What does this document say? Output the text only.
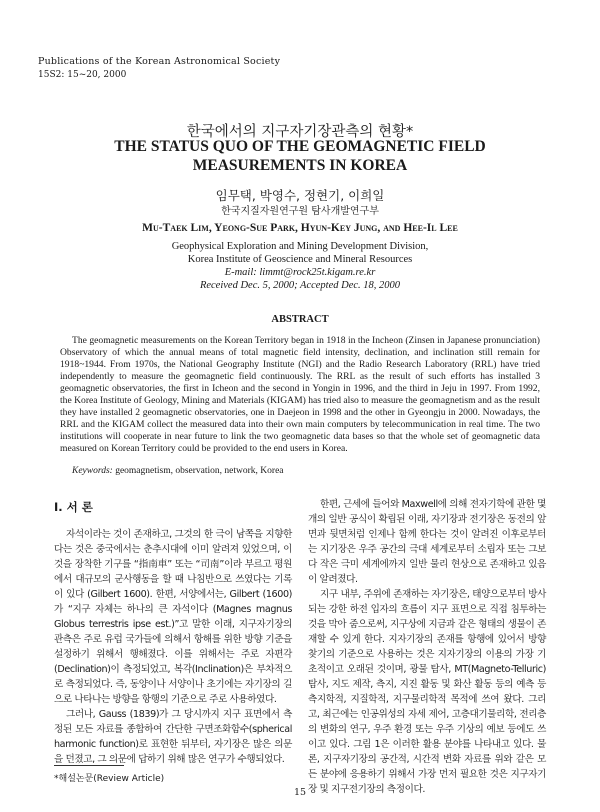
Publications of the Korean Astronomical Society
15S2: 15~20, 2000
한국에서의 지구자기장관측의 현황*
THE STATUS QUO OF THE GEOMAGNETIC FIELD
MEASUREMENTS IN KOREA
임무택, 박영수, 정현기, 이희일
한국지질자원연구원 탐사개발연구부
Mu-Taek Lim, Yeong-Sue Park, Hyun-Key Jung, and Hee-Il Lee
Geophysical Exploration and Mining Development Division,
Korea Institute of Geoscience and Mineral Resources
E-mail: limmt@rock25t.kigam.re.kr
Received Dec. 5, 2000; Accepted Dec. 18, 2000
ABSTRACT
The geomagnetic measurements on the Korean Territory began in 1918 in the Incheon (Zinsen in Japanese pronunciation) Observatory of which the annual means of total magnetic field intensity, declination, and inclination still remain for 1918~1944. From 1970s, the National Geography Institute (NGI) and the Radio Research Laboratory (RRL) have tried independently to measure the geomagnetic field continuously. The RRL as the result of such efforts has installed 3 geomagnetic observatories, the first in Icheon and the second in Yongin in 1996, and the third in Jeju in 1997. From 1992, the Korea Institute of Geology, Mining and Materials (KIGAM) has tried also to measure the geomagnetism and as the result they have installed 2 geomagnetic observatories, one in Daejeon in 1998 and the other in Gyeongju in 2000. Nowadays, the RRL and the KIGAM collect the measured data into their own main computers by telecommunication in real time. The two institutions will cooperate in near future to link the two geomagnetic data bases so that the whole set of geomagnetic data measured on Korean Territory could be provided to the end users in Korea.
Keywords: geomagnetism, observation, network, Korea
I. 서 론

자석이라는 것이 존재하고, 그것의 한 극이 남쪽을 지향한다는 것은 중국에서는 춘추시대에 이미 알려져 있었으며, 이것을 장착한 기구를 “指南車” 또는 “司南”이라 부르고 평원에서 대규모의 군사행동을 할 때 나침반으로 쓰였다는 기록이 있다 (Gilbert 1600). 한편, 서양에서는, Gilbert (1600)가 “지구 자체는 하나의 큰 자석이다 (Magnes magnus Globus terrestris ipse est.)”고 말한 이래, 지구자기장의 관측은 주로 유럽 국가들에 의해서 항해를 위한 방향 기준을 설정하기 위해서 행해졌다. 이를 위해서는 주로 자편각(Declination)이 측정되었고, 복각(Inclination)은 부차적으로 측정되었다. 즉, 동양이나 서양이나 초기에는 자기장의 길으로 나타나는 방향을 항행의 기준으로 주로 사용하였다.

그러나, Gauss (1839)가 그 당시까지 지구 표면에서 측정된 모든 자료를 종합하여 간단한 구면조화함수(spherical harmonic function)로 표현한 뒤부터, 자기장은 많은 의문을 던졌고, 그 의문에 답하기 위해 많은 연구가 수행되었다.

한편, 근세에 들어와 Maxwell에 의해 전자기학에 관한 몇 개의 일반 공식이 확립된 이래, 자기장과 전기장은 동전의 앞면과 뒷면처럼 인제나 함께 한다는 것이 알려진 이후로부터는 지기장은 우주 공간의 극대 세계로부터 소립자 또는 그보다 작은 극미 세계에까지 일반 물리 현상으로 존재하고 있음이 알려졌다.

지구 내부, 주위에 존재하는 자기장은, 태양으로부터 방사되는 강한 하전 입자의 흐름이 지구 표면으로 직접 침투하는 것을 막아 줌으로써, 지구상에 지금과 같은 형태의 생물이 존재할 수 있게 한다. 지자기장의 존재를 항행에 있어서 방향 찾기의 기준으로 사용하는 것은 지자기장의 이용의 가장 기초적이고 오래된 것이며, 광물 탐사, MT(Magneto-Telluric)탐사, 지도 제작, 측지, 지진 활동 및 화산 활동 등의 예측 등 측지학적, 지질학적, 지구물리학적 목적에 쓰여 왔다. 그리고, 최근에는 인공위성의 자세 제어, 고층대기물리학, 전리층의 변화의 연구, 우주 환경 또는 우주 기상의 예보 등에도 쓰이고 있다. 그림 1은 이러한 활용 분야를 나타내고 있다. 물론, 지구자기장의 공간적, 시간적 변화 자료를 위와 같은 모든 분야에 응용하기 위해서 가장 먼저 필요한 것은 지구자기장 및 지구전기장의 측정이다.

*해설논문(Review Article)
15
